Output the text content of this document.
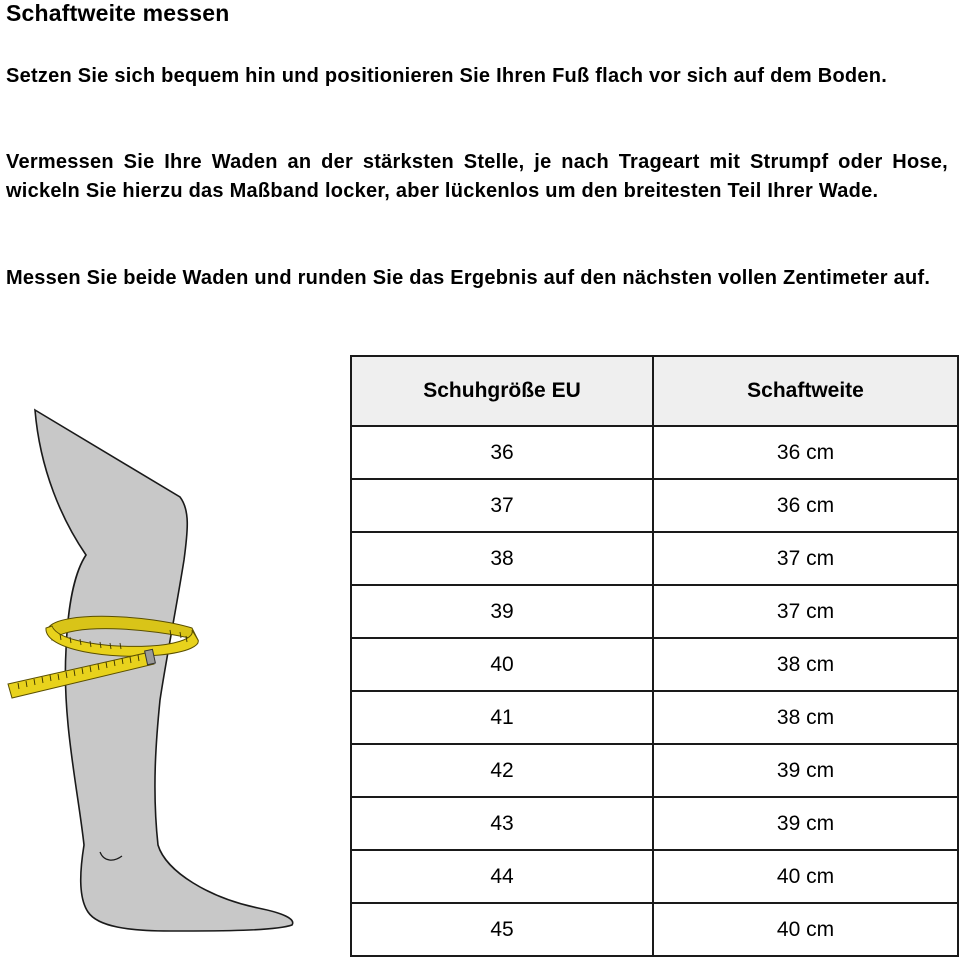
Schaftweite messen

Setzen Sie sich bequem hin und positionieren Sie Ihren Fuß flach vor sich auf dem Boden.

Vermessen Sie Ihre Waden an der stärksten Stelle, je nach Trageart mit Strumpf oder Hose, wickeln Sie hierzu das Maßband locker, aber lückenlos um den breitesten Teil Ihrer Wade.

Messen Sie beide Waden und runden Sie das Ergebnis auf den nächsten vollen Zentimeter auf.

Schuhgröße EU	Schaftweite
36	36 cm
37	36 cm
38	37 cm
39	37 cm
40	38 cm
41	38 cm
42	39 cm
43	39 cm
44	40 cm
45	40 cm
